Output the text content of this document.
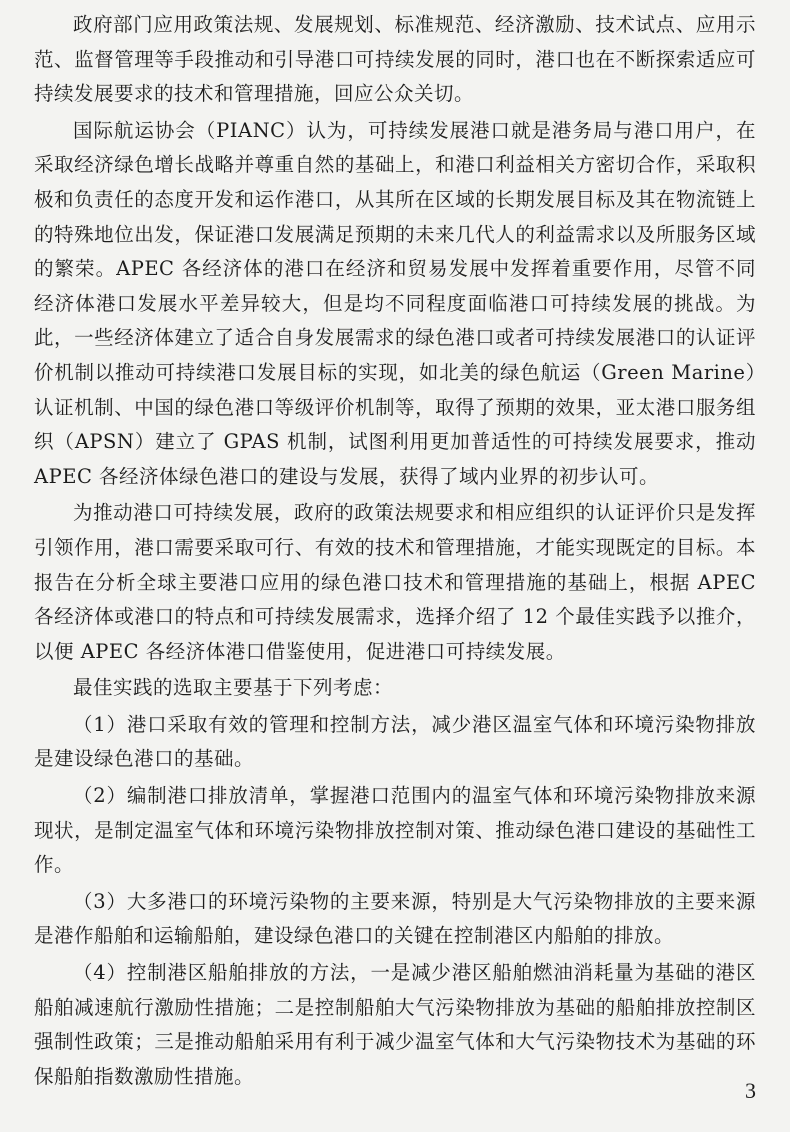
政府部门应用政策法规、发展规划、标准规范、经济激励、技术试点、应用示范、监督管理等手段推动和引导港口可持续发展的同时，港口也在不断探索适应可持续发展要求的技术和管理措施，回应公众关切。

国际航运协会（PIANC）认为，可持续发展港口就是港务局与港口用户，在采取经济绿色增长战略并尊重自然的基础上，和港口利益相关方密切合作，采取积极和负责任的态度开发和运作港口，从其所在区域的长期发展目标及其在物流链上的特殊地位出发，保证港口发展满足预期的未来几代人的利益需求以及所服务区域的繁荣。APEC 各经济体的港口在经济和贸易发展中发挥着重要作用，尽管不同经济体港口发展水平差异较大，但是均不同程度面临港口可持续发展的挑战。为此，一些经济体建立了适合自身发展需求的绿色港口或者可持续发展港口的认证评价机制以推动可持续港口发展目标的实现，如北美的绿色航运（Green Marine）认证机制、中国的绿色港口等级评价机制等，取得了预期的效果，亚太港口服务组织（APSN）建立了 GPAS 机制，试图利用更加普适性的可持续发展要求，推动 APEC 各经济体绿色港口的建设与发展，获得了域内业界的初步认可。

为推动港口可持续发展，政府的政策法规要求和相应组织的认证评价只是发挥引领作用，港口需要采取可行、有效的技术和管理措施，才能实现既定的目标。本报告在分析全球主要港口应用的绿色港口技术和管理措施的基础上，根据 APEC 各经济体或港口的特点和可持续发展需求，选择介绍了 12 个最佳实践予以推介，以便 APEC 各经济体港口借鉴使用，促进港口可持续发展。

最佳实践的选取主要基于下列考虑：

（1）港口采取有效的管理和控制方法，减少港区温室气体和环境污染物排放是建设绿色港口的基础。

（2）编制港口排放清单，掌握港口范围内的温室气体和环境污染物排放来源现状，是制定温室气体和环境污染物排放控制对策、推动绿色港口建设的基础性工作。

（3）大多港口的环境污染物的主要来源，特别是大气污染物排放的主要来源是港作船舶和运输船舶，建设绿色港口的关键在控制港区内船舶的排放。

（4）控制港区船舶排放的方法，一是减少港区船舶燃油消耗量为基础的港区船舶减速航行激励性措施；二是控制船舶大气污染物排放为基础的船舶排放控制区强制性政策；三是推动船舶采用有利于减少温室气体和大气污染物技术为基础的环保船舶指数激励性措施。

3
